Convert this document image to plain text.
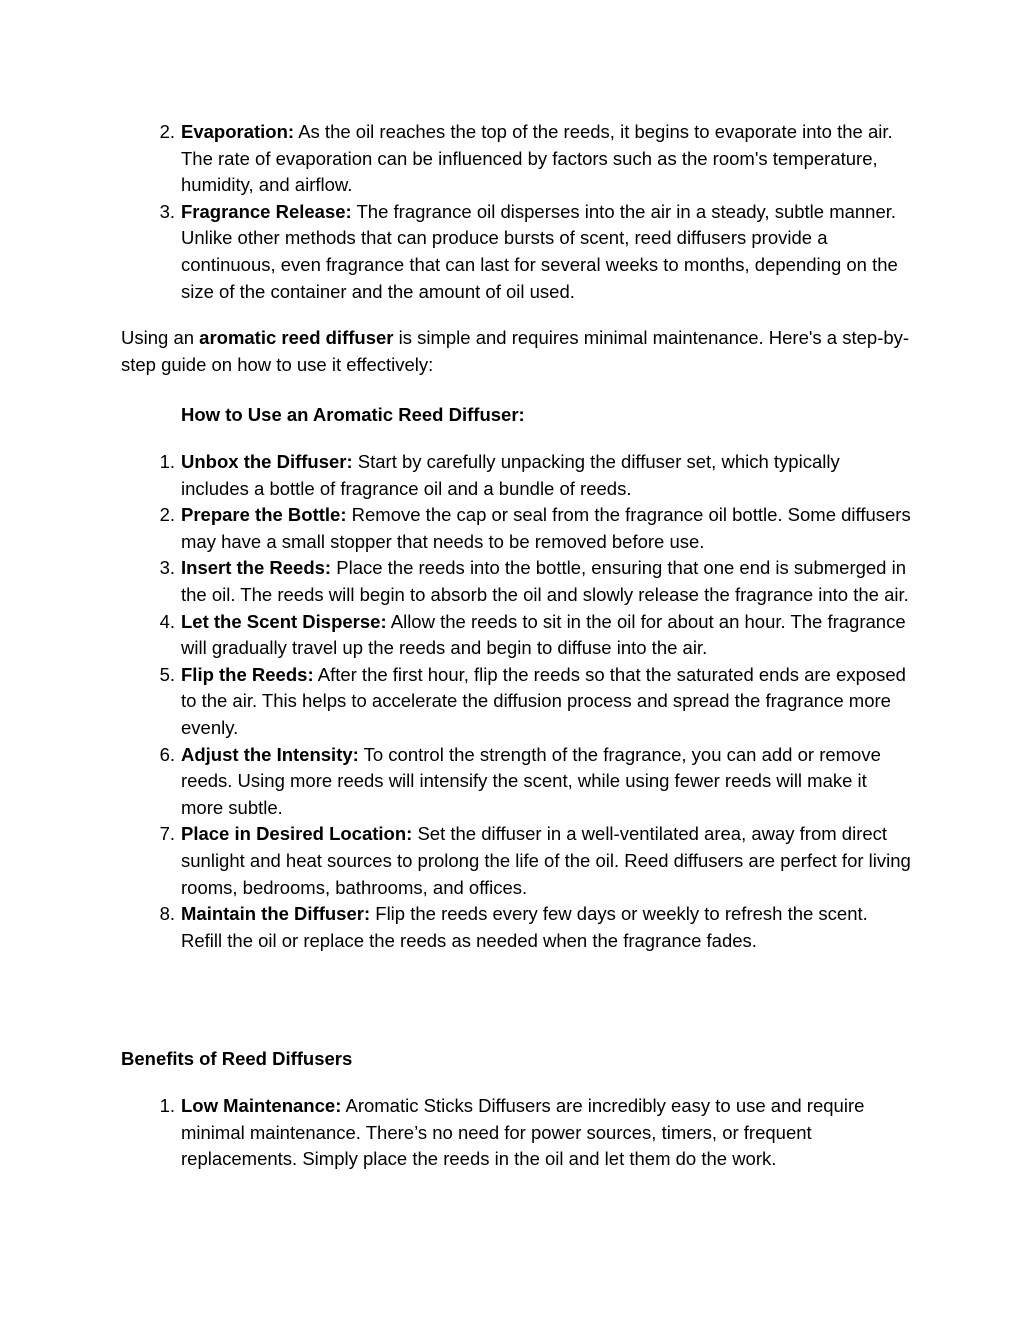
2. Evaporation: As the oil reaches the top of the reeds, it begins to evaporate into the air. The rate of evaporation can be influenced by factors such as the room's temperature, humidity, and airflow.
3. Fragrance Release: The fragrance oil disperses into the air in a steady, subtle manner. Unlike other methods that can produce bursts of scent, reed diffusers provide a continuous, even fragrance that can last for several weeks to months, depending on the size of the container and the amount of oil used.

Using an aromatic reed diffuser is simple and requires minimal maintenance. Here's a step-by-step guide on how to use it effectively:

How to Use an Aromatic Reed Diffuser:
1. Unbox the Diffuser: Start by carefully unpacking the diffuser set, which typically includes a bottle of fragrance oil and a bundle of reeds.
2. Prepare the Bottle: Remove the cap or seal from the fragrance oil bottle. Some diffusers may have a small stopper that needs to be removed before use.
3. Insert the Reeds: Place the reeds into the bottle, ensuring that one end is submerged in the oil. The reeds will begin to absorb the oil and slowly release the fragrance into the air.
4. Let the Scent Disperse: Allow the reeds to sit in the oil for about an hour. The fragrance will gradually travel up the reeds and begin to diffuse into the air.
5. Flip the Reeds: After the first hour, flip the reeds so that the saturated ends are exposed to the air. This helps to accelerate the diffusion process and spread the fragrance more evenly.
6. Adjust the Intensity: To control the strength of the fragrance, you can add or remove reeds. Using more reeds will intensify the scent, while using fewer reeds will make it more subtle.
7. Place in Desired Location: Set the diffuser in a well-ventilated area, away from direct sunlight and heat sources to prolong the life of the oil. Reed diffusers are perfect for living rooms, bedrooms, bathrooms, and offices.
8. Maintain the Diffuser: Flip the reeds every few days or weekly to refresh the scent. Refill the oil or replace the reeds as needed when the fragrance fades.
Benefits of Reed Diffusers
1. Low Maintenance: Aromatic Sticks Diffusers are incredibly easy to use and require minimal maintenance. There’s no need for power sources, timers, or frequent replacements. Simply place the reeds in the oil and let them do the work.
